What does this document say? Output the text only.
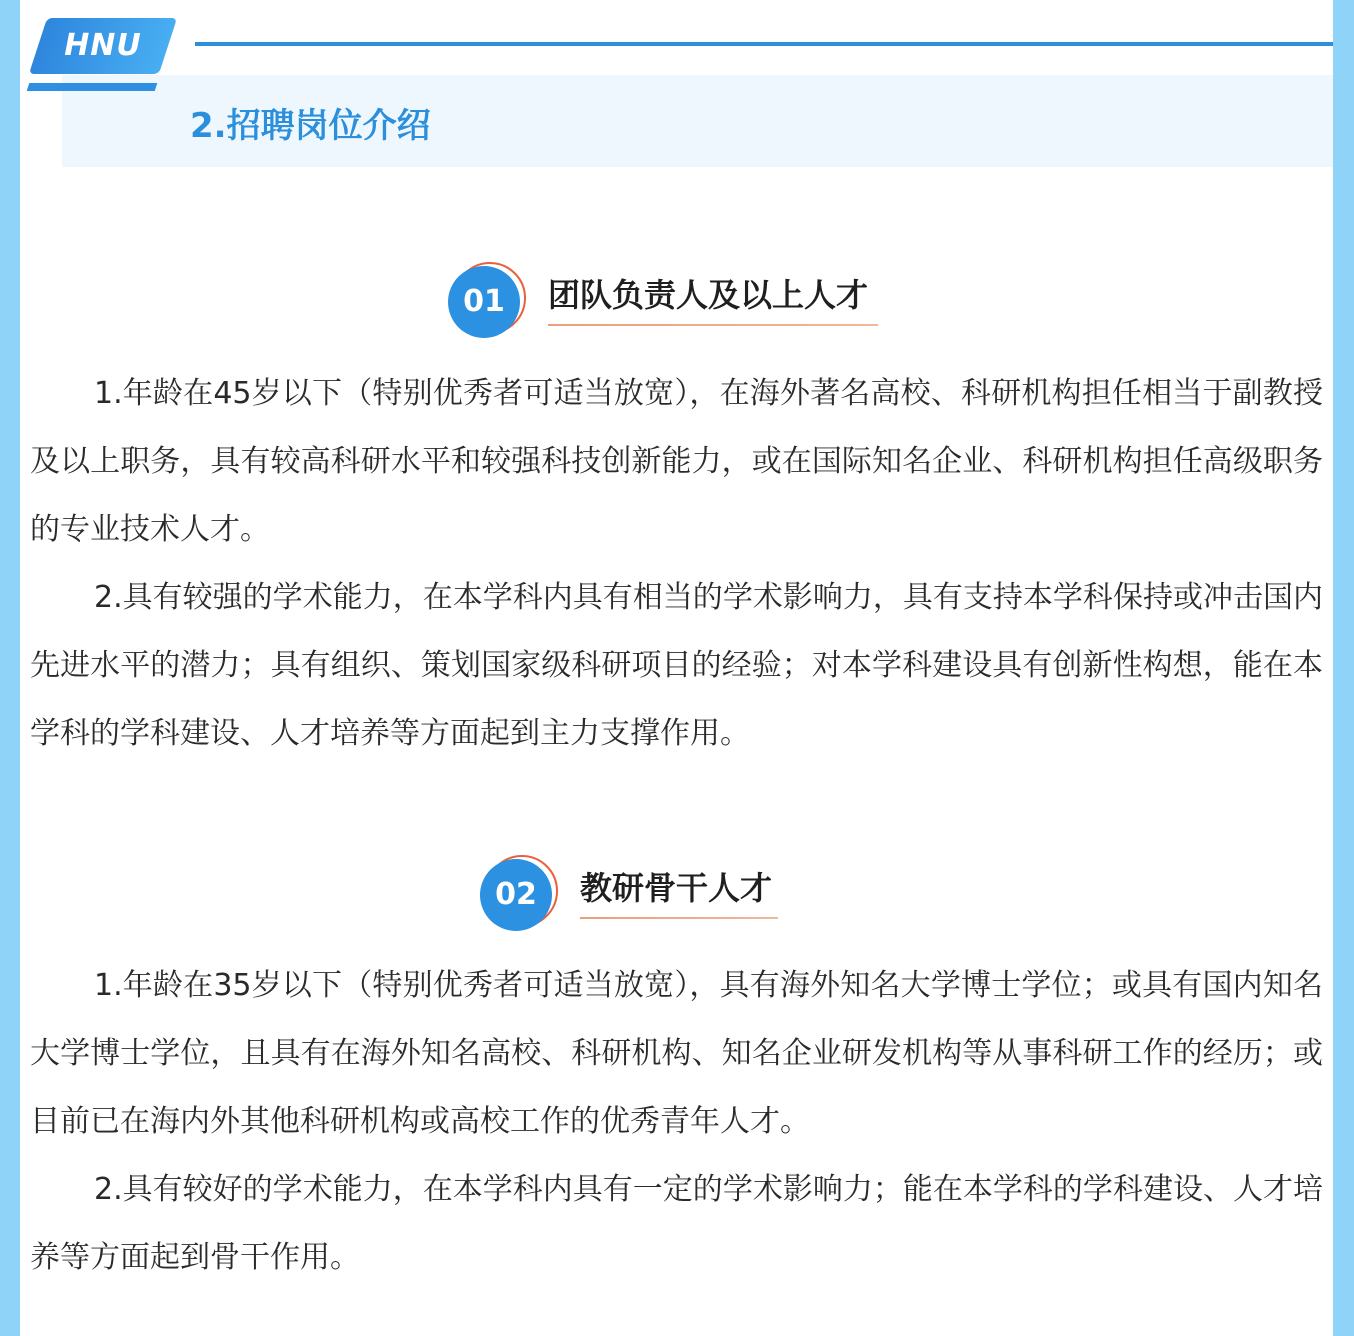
HNU
2.招聘岗位介绍
01	团队负责人及以上人才

1.年龄在45岁以下（特别优秀者可适当放宽），在海外著名高校、科研机构担任相当于副教授及以上职务，具有较高科研水平和较强科技创新能力，或在国际知名企业、科研机构担任高级职务的专业技术人才。

2.具有较强的学术能力，在本学科内具有相当的学术影响力，具有支持本学科保持或冲击国内先进水平的潜力；具有组织、策划国家级科研项目的经验；对本学科建设具有创新性构想，能在本学科的学科建设、人才培养等方面起到主力支撑作用。

02	教研骨干人才

1.年龄在35岁以下（特别优秀者可适当放宽），具有海外知名大学博士学位；或具有国内知名大学博士学位，且具有在海外知名高校、科研机构、知名企业研发机构等从事科研工作的经历；或目前已在海内外其他科研机构或高校工作的优秀青年人才。

2.具有较好的学术能力，在本学科内具有一定的学术影响力；能在本学科的学科建设、人才培养等方面起到骨干作用。
